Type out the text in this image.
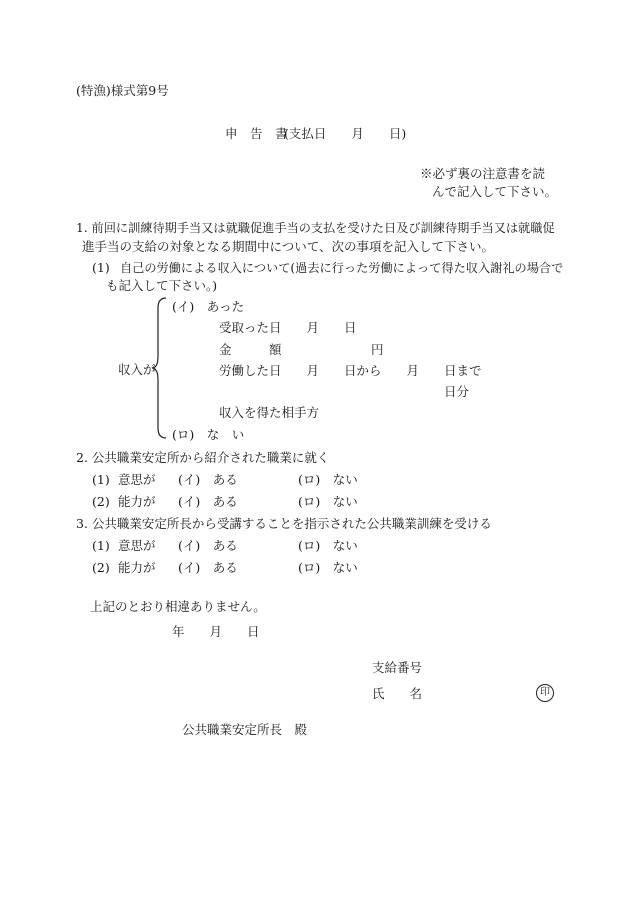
(特漁)様式第9号
申　告　書
(支払日　　月　　日)
※必ず裏の注意書を読
んで記入して下さい。
1. 前回に訓練待期手当又は就職促進手当の支払を受けた日及び訓練待期手当又は就職促
進手当の支給の対象となる期間中について、次の事項を記入して下さい。
(1) 自己の労働による収入について(過去に行った労働によって得た収入謝礼の場合で
も記入して下さい。)
収入が
(イ)　あった
受取った日　　月　　日
金　　　額	円
労働した日　　月　　日から　　月　　日まで
日分
収入を得た相手方
(ロ)　な　い
2. 公共職業安定所から紹介された職業に就く
(1) 意思が (イ)　ある	(ロ)　ない
(2) 能力が (イ)　ある	(ロ)　ない
3. 公共職業安定所長から受講することを指示された公共職業訓練を受ける
(1) 意思が (イ)　ある	(ロ)　ない
(2) 能力が (イ)　ある	(ロ)　ない
上記のとおり相違ありません。
年　　月　　日
支給番号
氏　　名	印
公共職業安定所長　殿
